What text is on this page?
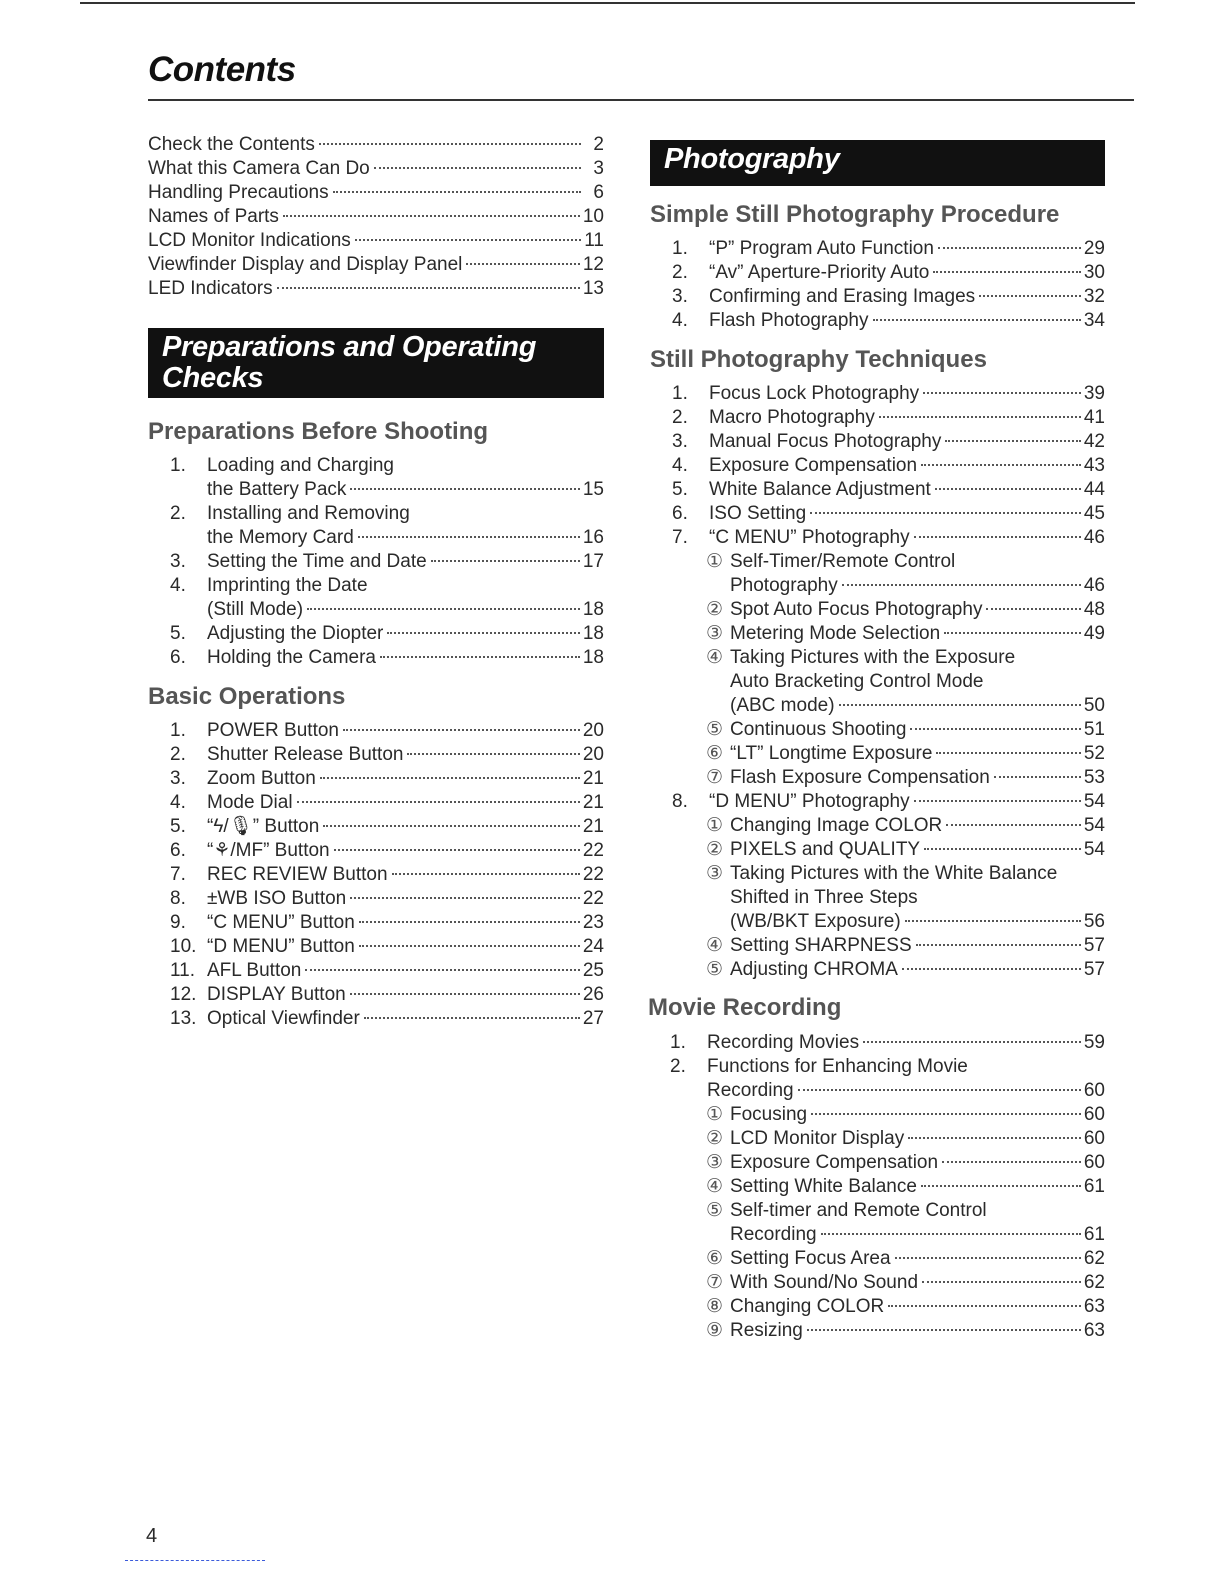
Contents
Check the Contents	2
What this Camera Can Do	3
Handling Precautions	6
Names of Parts	10
LCD Monitor Indications	11
Viewfinder Display and Display Panel	12
LED Indicators	13
Preparations and Operating
Checks
Preparations Before Shooting
1. Loading and Charging
the Battery Pack	15
2. Installing and Removing
the Memory Card	16
3. Setting the Time and Date	17
4. Imprinting the Date
(Still Mode)	18
5. Adjusting the Diopter	18
6. Holding the Camera	18
Basic Operations
1. POWER Button	20
2. Shutter Release Button	20
3. Zoom Button	21
4. Mode Dial	21
5. “ϟ/🎙” Button	21
6. “⚘/MF” Button	22
7. REC REVIEW Button	22
8. ±WB ISO Button	22
9. “C MENU” Button	23
10. “D MENU” Button	24
11. AFL Button	25
12. DISPLAY Button	26
13. Optical Viewfinder	27
Photography
Simple Still Photography Procedure
1. “P” Program Auto Function	29
2. “Av” Aperture-Priority Auto	30
3. Confirming and Erasing Images	32
4. Flash Photography	34
Still Photography Techniques
1. Focus Lock Photography	39
2. Macro Photography	41
3. Manual Focus Photography	42
4. Exposure Compensation	43
5. White Balance Adjustment	44
6. ISO Setting	45
7. “C MENU” Photography	46
① Self-Timer/Remote Control
Photography	46
② Spot Auto Focus Photography	48
③ Metering Mode Selection	49
④ Taking Pictures with the Exposure
Auto Bracketing Control Mode
(ABC mode)	50
⑤ Continuous Shooting	51
⑥ “LT” Longtime Exposure	52
⑦ Flash Exposure Compensation	53
8. “D MENU” Photography	54
① Changing Image COLOR	54
② PIXELS and QUALITY	54
③ Taking Pictures with the White Balance
Shifted in Three Steps
(WB/BKT Exposure)	56
④ Setting SHARPNESS	57
⑤ Adjusting CHROMA	57
Movie Recording
1. Recording Movies	59
2. Functions for Enhancing Movie
Recording	60
① Focusing	60
② LCD Monitor Display	60
③ Exposure Compensation	60
④ Setting White Balance	61
⑤ Self-timer and Remote Control
Recording	61
⑥ Setting Focus Area	62
⑦ With Sound/No Sound	62
⑧ Changing COLOR	63
⑨ Resizing	63
4
